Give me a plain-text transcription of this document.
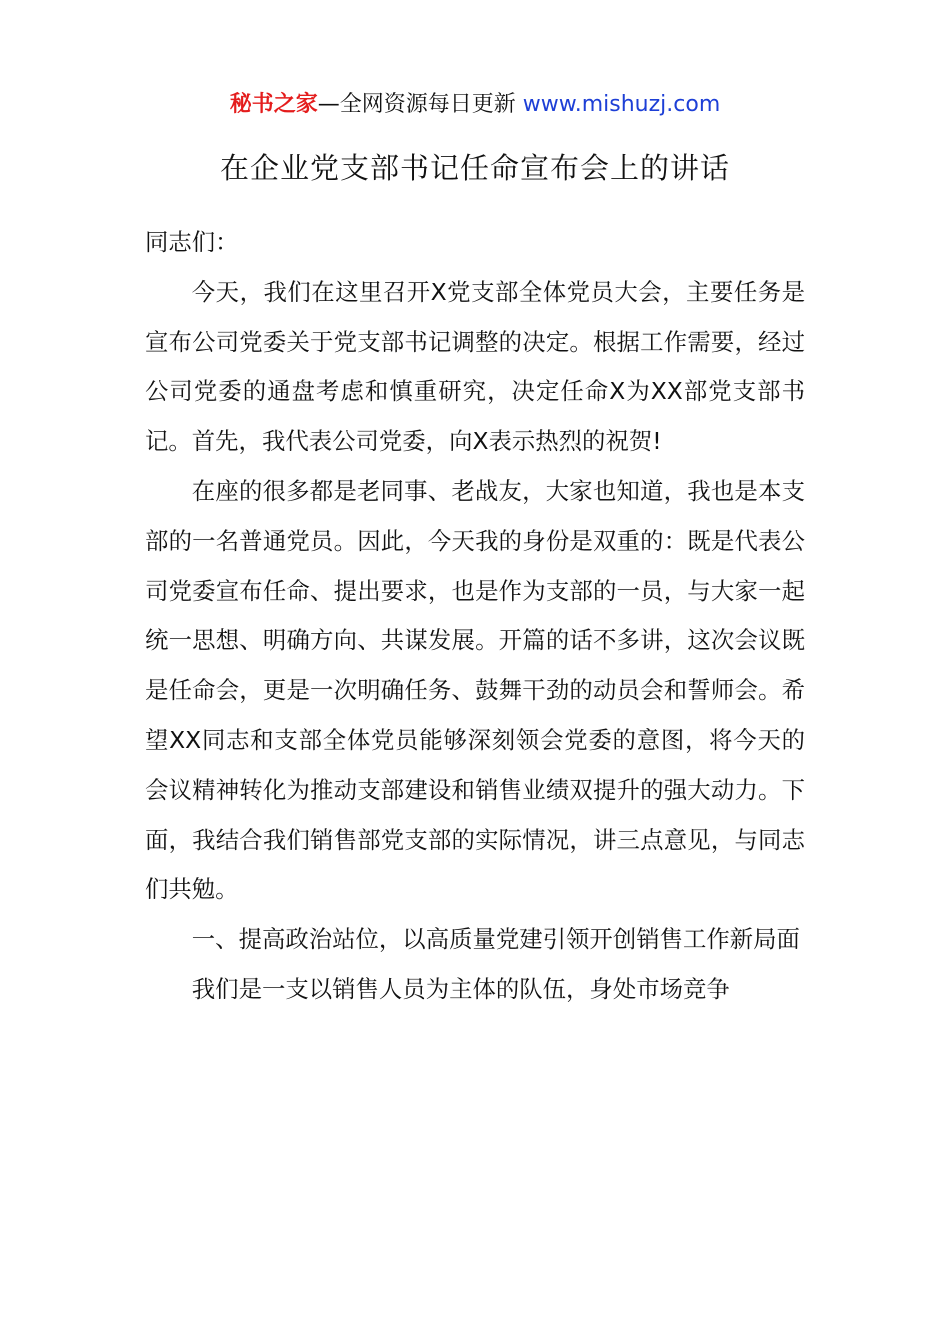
秘书之家—全网资源每日更新 www.mishuzj.com
在企业党支部书记任命宣布会上的讲话

同志们：

今天，我们在这里召开X党支部全体党员大会，主要任务是宣布公司党委关于党支部书记调整的决定。根据工作需要，经过公司党委的通盘考虑和慎重研究，决定任命X为XX部党支部书记。首先，我代表公司党委，向X表示热烈的祝贺!

在座的很多都是老同事、老战友，大家也知道，我也是本支部的一名普通党员。因此，今天我的身份是双重的：既是代表公司党委宣布任命、提出要求，也是作为支部的一员，与大家一起统一思想、明确方向、共谋发展。开篇的话不多讲，这次会议既是任命会，更是一次明确任务、鼓舞干劲的动员会和誓师会。希望XX同志和支部全体党员能够深刻领会党委的意图，将今天的会议精神转化为推动支部建设和销售业绩双提升的强大动力。下面，我结合我们销售部党支部的实际情况，讲三点意见，与同志们共勉。

一、提高政治站位，以高质量党建引领开创销售工作新局面

我们是一支以销售人员为主体的队伍，身处市场竞争
